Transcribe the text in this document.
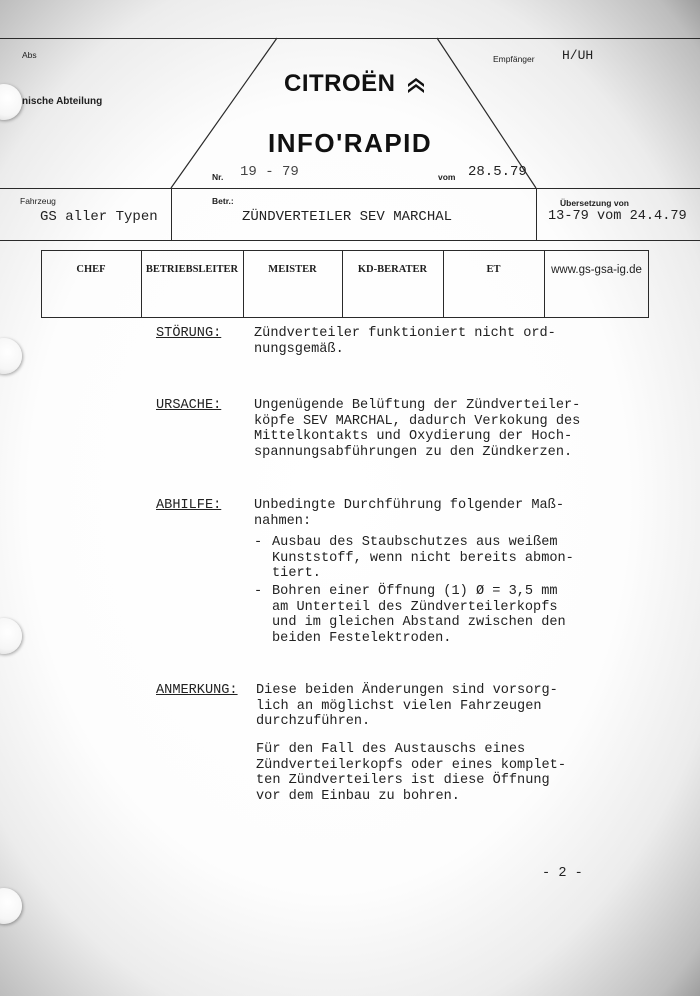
Abs
nische Abteilung
Empfänger H/UH
CITROËN
INFO'RAPID
Nr. 19 - 79	vom 28.5.79
Fahrzeug
GS aller Typen
Betr.:
ZÜNDVERTEILER SEV MARCHAL
Übersetzung von
13-79 vom 24.4.79
CHEF	BETRIEBSLEITER	MEISTER	KD-BERATER	ET	www.gs-gsa-ig.de
STÖRUNG: Zündverteiler funktioniert nicht ord-
nungsgemäß.
URSACHE: Ungenügende Belüftung der Zündverteiler-
köpfe SEV MARCHAL, dadurch Verkokung des
Mittelkontakts und Oxydierung der Hoch-
spannungsabführungen zu den Zündkerzen.
ABHILFE: Unbedingte Durchführung folgender Maß-
nahmen:
- Ausbau des Staubschutzes aus weißem
Kunststoff, wenn nicht bereits abmon-
tiert.
- Bohren einer Öffnung (1) Ø = 3,5 mm
am Unterteil des Zündverteilerkopfs
und im gleichen Abstand zwischen den
beiden Festelektroden.
ANMERKUNG: Diese beiden Änderungen sind vorsorg-
lich an möglichst vielen Fahrzeugen
durchzuführen.
Für den Fall des Austauschs eines
Zündverteilerkopfs oder eines komplet-
ten Zündverteilers ist diese Öffnung
vor dem Einbau zu bohren.
- 2 -
